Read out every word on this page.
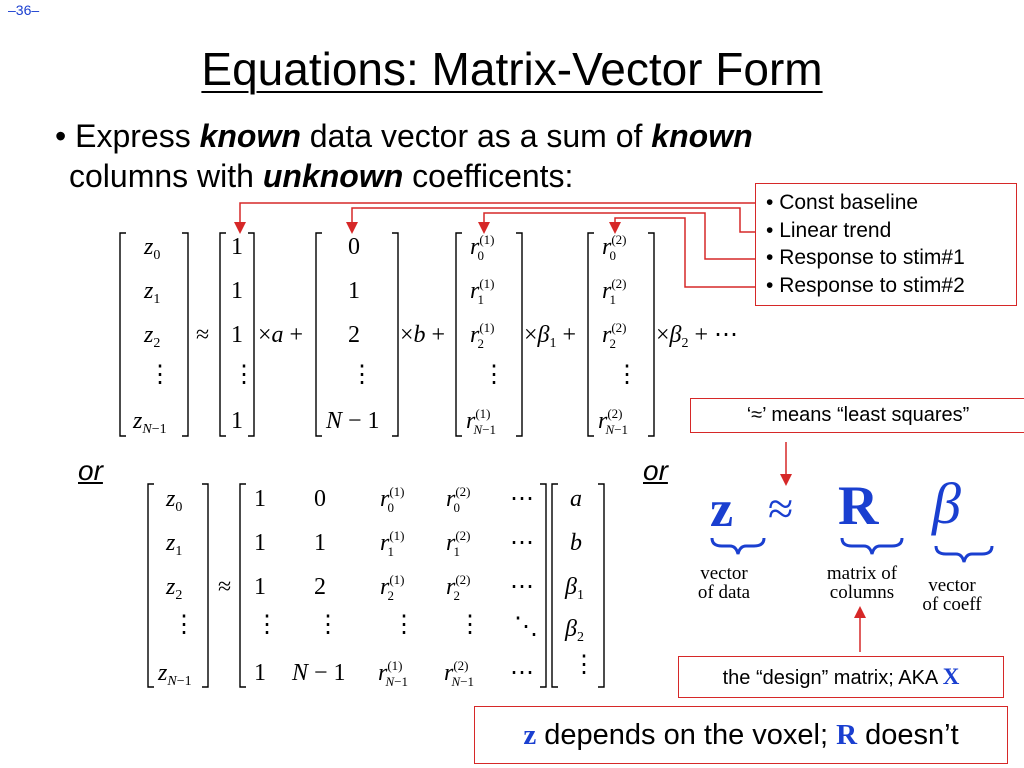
–36–
Equations: Matrix-Vector Form
• Express known data vector as a sum of known
columns with unknown coefficents:
• Const baseline
• Linear trend
• Response to stim#1
• Response to stim#2
$z_0$
$z_1$
$z_2$
⋮
$z_N-1$
≈
1
1
1
⋮
1
×a +
0
1
2
⋮
N − 1
×b +
$r^{(1)}$ 0
$r^{(1)}$ 1
$r^{(1)}$ 2
⋮
$r^{(1)}$ N−1
$\times\beta_1$ +
$r^{(2)}$ 0
$r^{(2)}$ 1
$r^{(2)}$ 2
⋮
$r^{(2)}$ N−1
$\times\beta_2$ + ⋯
or	or
$z_0$
$z_1$
$z_2$
⋮
$z_N-1$
≈
1
1
1
⋮
1
0
1
2
⋮
N − 1
$r^{(1)}$ 0
$r^{(1)}$ 1
$r^{(1)}$ 2
⋮
$r^{(1)}$ N−1
$r^{(2)}$ 0
$r^{(2)}$ 1
$r^{(2)}$ 2
⋮
$r^{(2)}$ N−1
⋯
⋯
⋯
⋱
⋯
a
b
$\beta_1$
$\beta_2$
⋮
‘≈’ means “least squares”
z ≈ R β
vector
of data
matrix of
columns	vector
of coeff
the “design” matrix; AKA X
z depends on the voxel; R doesn’t
